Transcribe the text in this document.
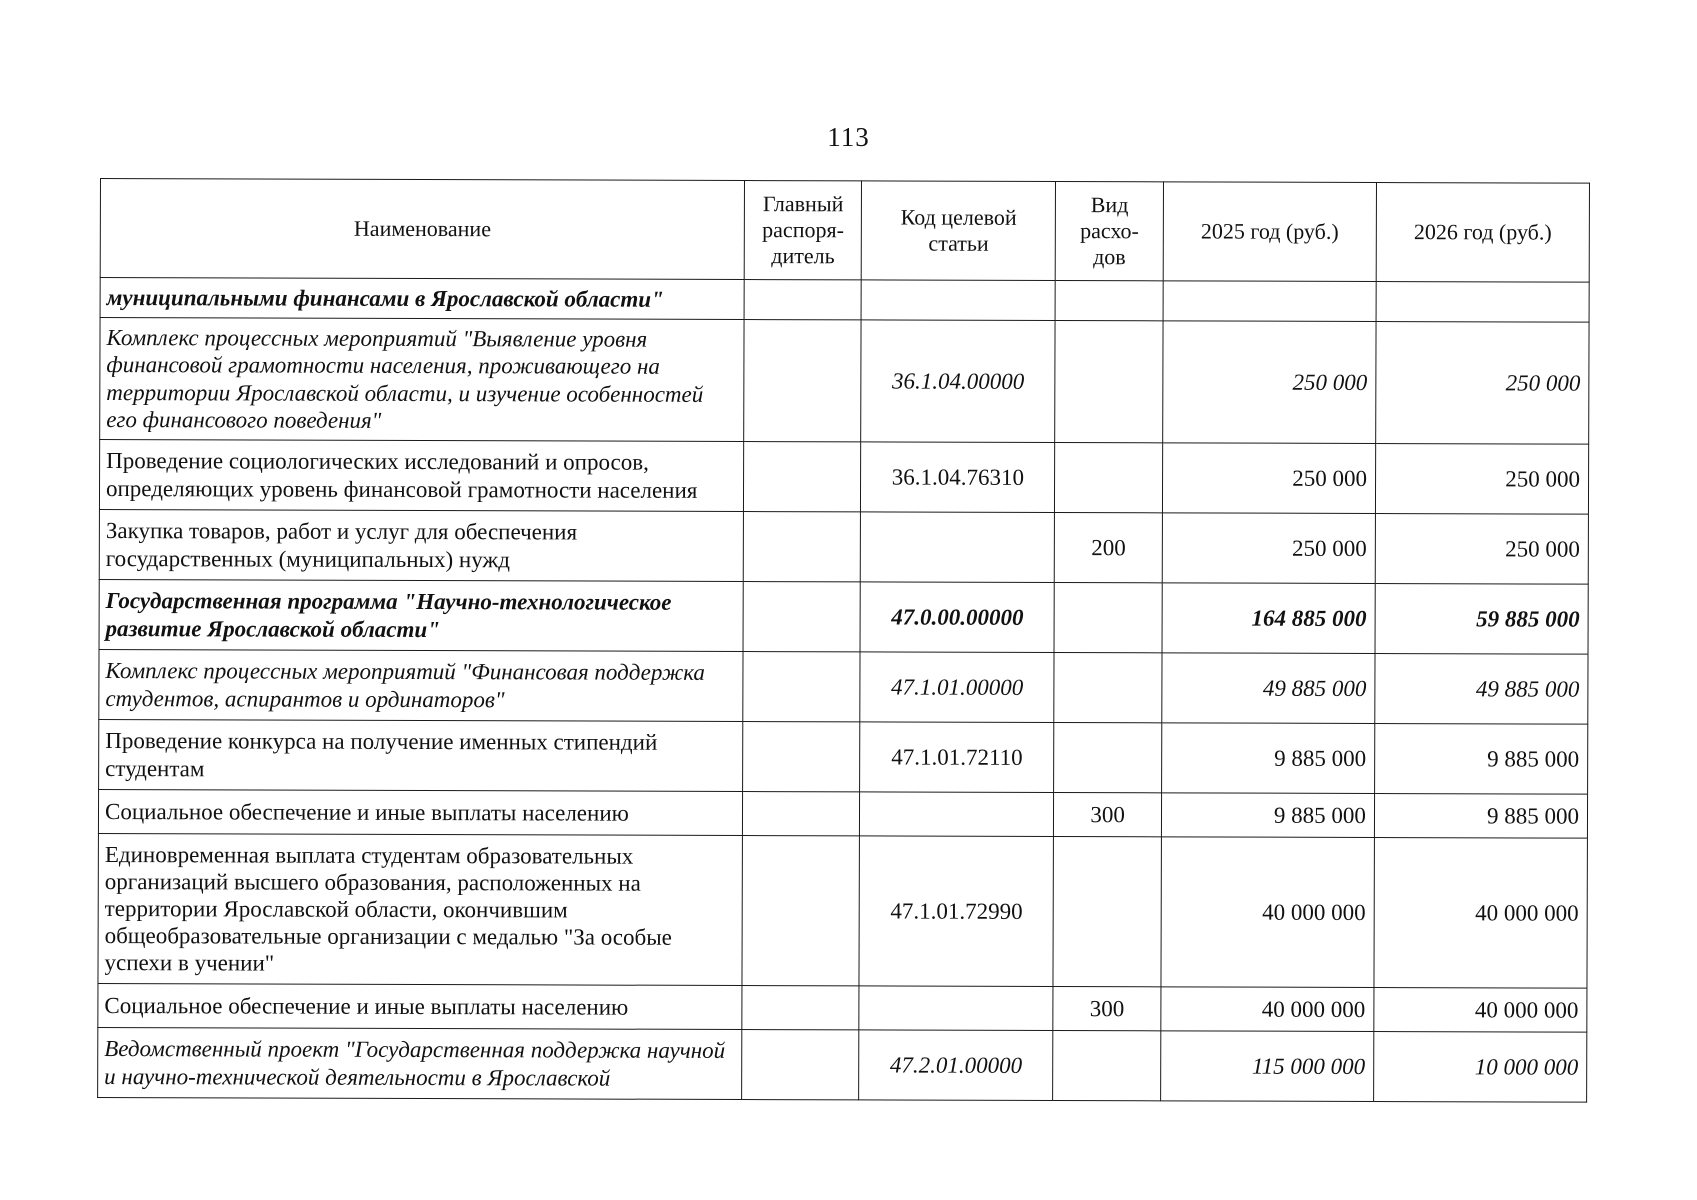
113
Наименование	Главный распоря-дитель	Код целевой статьи	Вид расхо-дов	2025 год (руб.)	2026 год (руб.)
муниципальными финансами в Ярославской области"					
Комплекс процессных мероприятий "Выявление уровня финансовой грамотности населения, проживающего на территории Ярославской области, и изучение особенностей его финансового поведения"		36.1.04.00000		250 000	250 000
Проведение социологических исследований и опросов, определяющих уровень финансовой грамотности населения		36.1.04.76310		250 000	250 000
Закупка товаров, работ и услуг для обеспечения государственных (муниципальных) нужд			200	250 000	250 000
Государственная программа "Научно-технологическое развитие Ярославской области"		47.0.00.00000		164 885 000	59 885 000
Комплекс процессных мероприятий "Финансовая поддержка студентов, аспирантов и ординаторов"		47.1.01.00000		49 885 000	49 885 000
Проведение конкурса на получение именных стипендий студентам		47.1.01.72110		9 885 000	9 885 000
Социальное обеспечение и иные выплаты населению			300	9 885 000	9 885 000
Единовременная выплата студентам образовательных организаций высшего образования, расположенных на территории Ярославской области, окончившим общеобразовательные организации с медалью "За особые успехи в учении"		47.1.01.72990		40 000 000	40 000 000
Социальное обеспечение и иные выплаты населению			300	40 000 000	40 000 000
Ведомственный проект "Государственная поддержка научной и научно-технической деятельности в Ярославской		47.2.01.00000		115 000 000	10 000 000
